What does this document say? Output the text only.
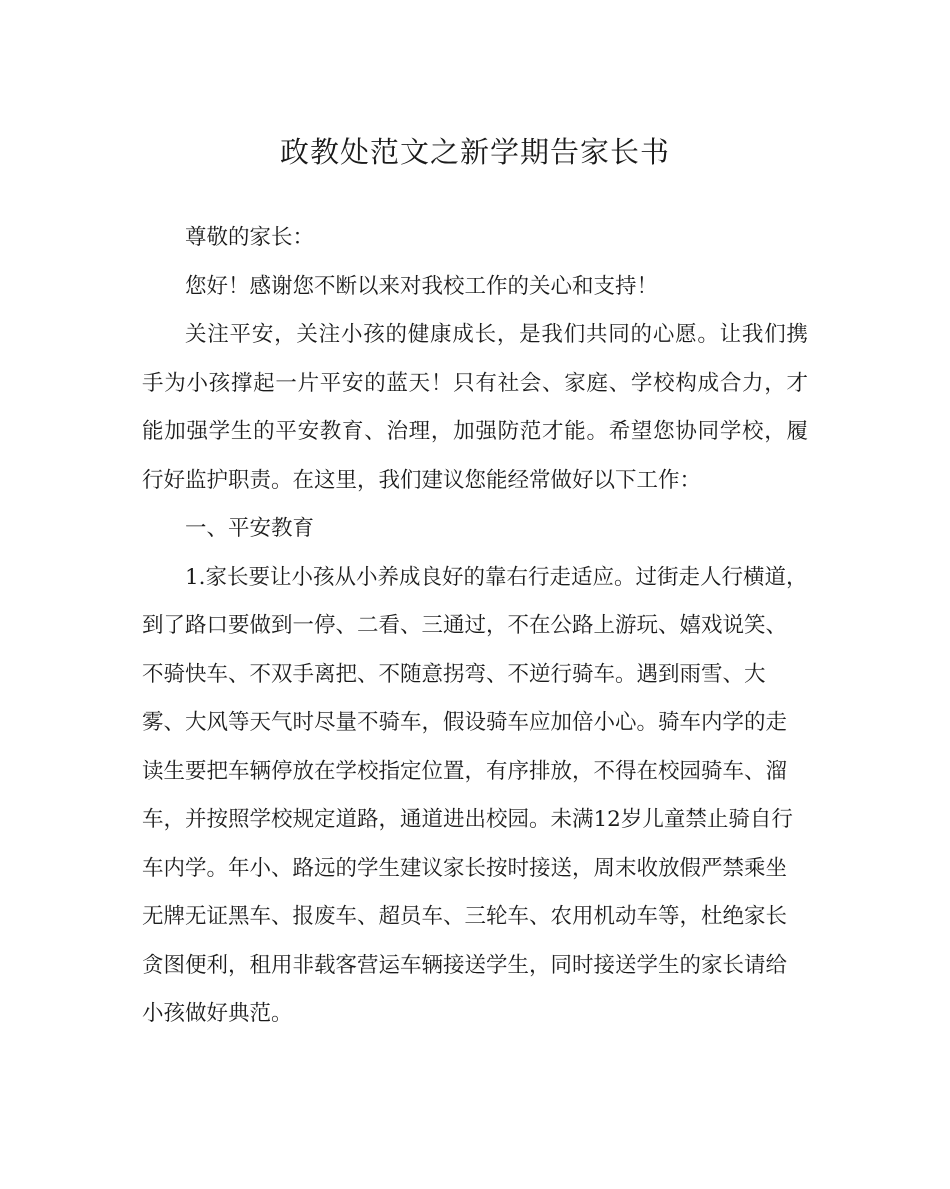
政教处范文之新学期告家长书

尊敬的家长：

您好！感谢您不断以来对我校工作的关心和支持！

关注平安，关注小孩的健康成长，是我们共同的心愿。让我们携手为小孩撑起一片平安的蓝天！只有社会、家庭、学校构成合力，才能加强学生的平安教育、治理，加强防范才能。希望您协同学校，履行好监护职责。在这里，我们建议您能经常做好以下工作：

一、平安教育

1.家长要让小孩从小养成良好的靠右行走适应。过街走人行横道，到了路口要做到一停、二看、三通过，不在公路上游玩、嬉戏说笑、不骑快车、不双手离把、不随意拐弯、不逆行骑车。遇到雨雪、大雾、大风等天气时尽量不骑车，假设骑车应加倍小心。骑车内学的走读生要把车辆停放在学校指定位置，有序排放，不得在校园骑车、溜车，并按照学校规定道路，通道进出校园。未满12岁儿童禁止骑自行车内学。年小、路远的学生建议家长按时接送，周末收放假严禁乘坐无牌无证黑车、报废车、超员车、三轮车、农用机动车等，杜绝家长贪图便利，租用非载客营运车辆接送学生，同时接送学生的家长请给小孩做好典范。
